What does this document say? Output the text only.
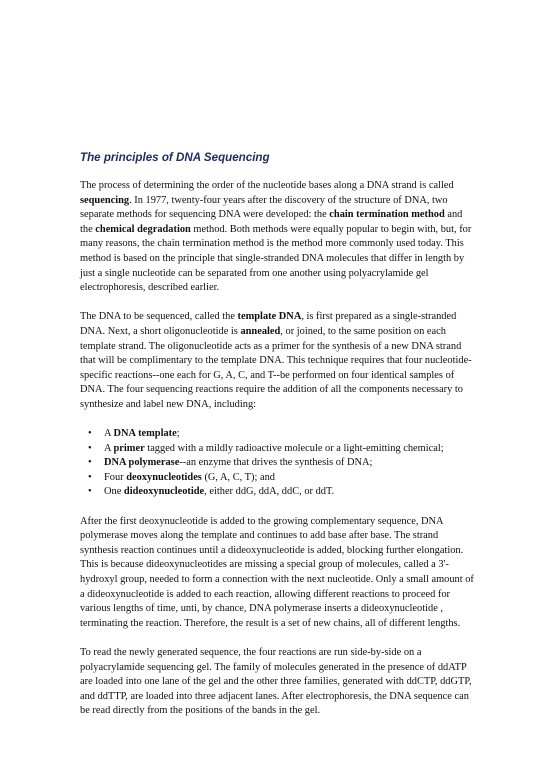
The principles of DNA Sequencing

The process of determining the order of the nucleotide bases along a DNA strand is called sequencing. In 1977, twenty-four years after the discovery of the structure of DNA, two separate methods for sequencing DNA were developed: the chain termination method and the chemical degradation method. Both methods were equally popular to begin with, but, for many reasons, the chain termination method is the method more commonly used today. This method is based on the principle that single-stranded DNA molecules that differ in length by just a single nucleotide can be separated from one another using polyacrylamide gel electrophoresis, described earlier.

The DNA to be sequenced, called the template DNA, is first prepared as a single-stranded DNA. Next, a short oligonucleotide is annealed, or joined, to the same position on each template strand. The oligonucleotide acts as a primer for the synthesis of a new DNA strand that will be complimentary to the template DNA. This technique requires that four nucleotide-specific reactions--one each for G, A, C, and T--be performed on four identical samples of DNA. The four sequencing reactions require the addition of all the components necessary to synthesize and label new DNA, including:

• A DNA template;
• A primer tagged with a mildly radioactive molecule or a light-emitting chemical;
• DNA polymerase--an enzyme that drives the synthesis of DNA;
• Four deoxynucleotides (G, A, C, T); and
• One dideoxynucleotide, either ddG, ddA, ddC, or ddT.

After the first deoxynucleotide is added to the growing complementary sequence, DNA polymerase moves along the template and continues to add base after base. The strand synthesis reaction continues until a dideoxynucleotide is added, blocking further elongation. This is because dideoxynucleotides are missing a special group of molecules, called a 3'-hydroxyl group, needed to form a connection with the next nucleotide. Only a small amount of a dideoxynucleotide is added to each reaction, allowing different reactions to proceed for various lengths of time, unti, by chance, DNA polymerase inserts a dideoxynucleotide , terminating the reaction. Therefore, the result is a set of new chains, all of different lengths.

To read the newly generated sequence, the four reactions are run side-by-side on a polyacrylamide sequencing gel. The family of molecules generated in the presence of ddATP are loaded into one lane of the gel and the other three families, generated with ddCTP, ddGTP, and ddTTP, are loaded into three adjacent lanes. After electrophoresis, the DNA sequence can be read directly from the positions of the bands in the gel.
